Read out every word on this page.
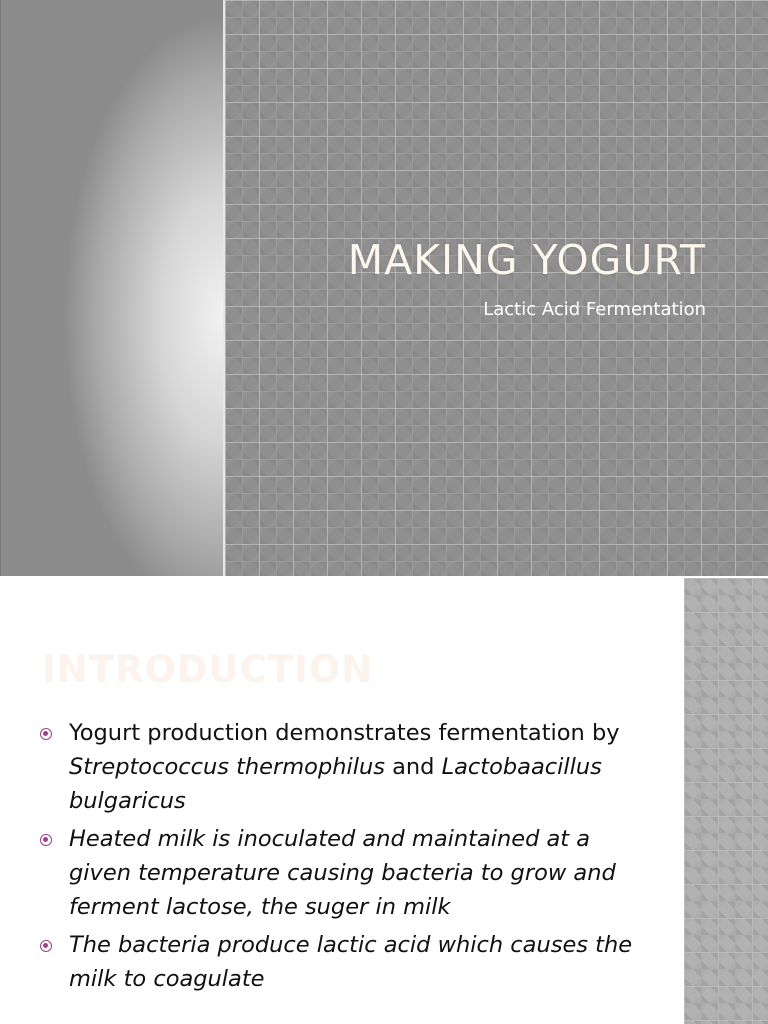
MAKING YOGURT

Lactic Acid Fermentation

INTRODUCTION
Yogurt production demonstrates fermentation by Streptococcus thermophilus and Lactobaacillus bulgaricus
Heated milk is inoculated and maintained at a given temperature causing bacteria to grow and ferment lactose, the suger in milk
The bacteria produce lactic acid which causes the milk to coagulate
